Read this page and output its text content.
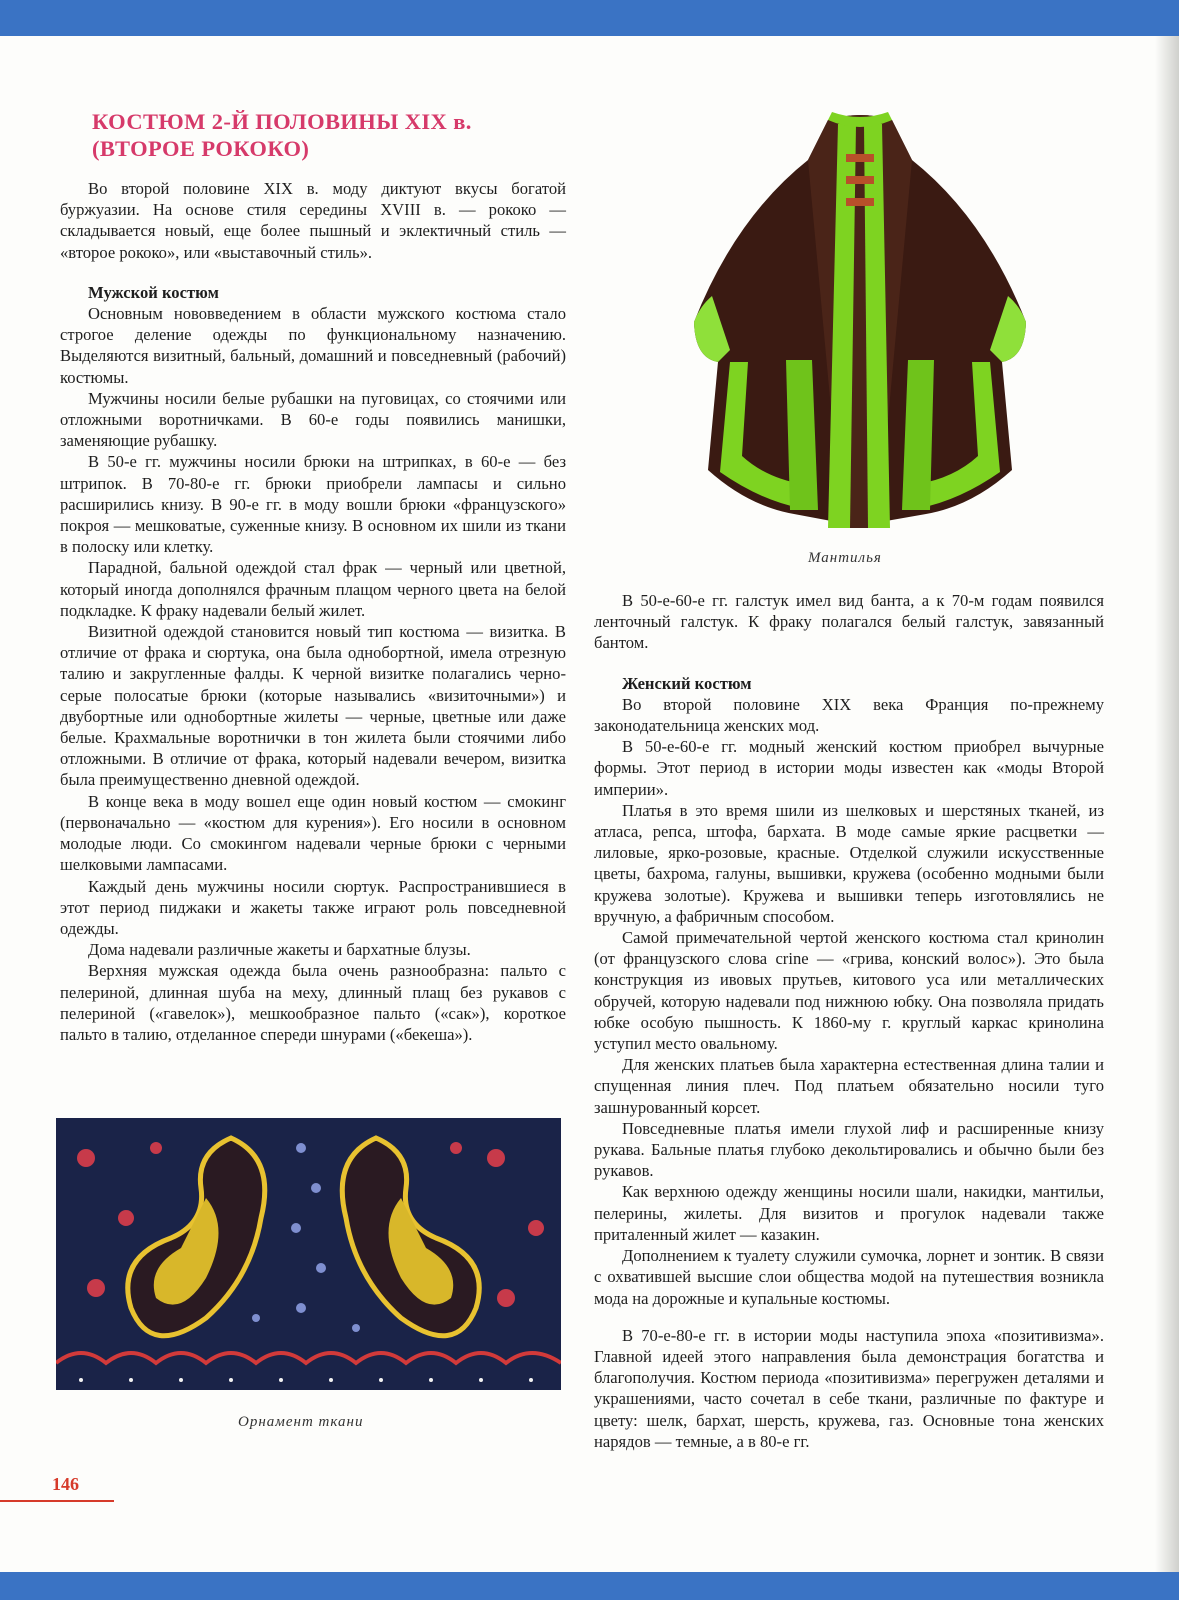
КОСТЮМ 2-Й ПОЛОВИНЫ XIX в.
(ВТОРОЕ РОКОКО)

Во второй половине XIX в. моду диктуют вкусы богатой буржуазии. На основе стиля середины XVIII в. — рококо — складывается новый, еще более пышный и эклектичный стиль — «второе рококо», или «выставочный стиль».

Мужской костюм

Основным нововведением в области мужского костюма стало строгое деление одежды по функциональному назначению. Выделяются визитный, бальный, домашний и повседневный (рабочий) костюмы.

Мужчины носили белые рубашки на пуговицах, со стоячими или отложными воротничками. В 60-е годы появились манишки, заменяющие рубашку.

В 50-е гг. мужчины носили брюки на штрипках, в 60-е — без штрипок. В 70-80-е гг. брюки приобрели лампасы и сильно расширились книзу. В 90-е гг. в моду вошли брюки «французского» покроя — мешковатые, суженные книзу. В основном их шили из ткани в полоску или клетку.

Парадной, бальной одеждой стал фрак — черный или цветной, который иногда дополнялся фрачным плащом черного цвета на белой подкладке. К фраку надевали белый жилет.

Визитной одеждой становится новый тип костюма — визитка. В отличие от фрака и сюртука, она была однобортной, имела отрезную талию и закругленные фалды. К черной визитке полагались черно-серые полосатые брюки (которые назывались «визиточными») и двубортные или однобортные жилеты — черные, цветные или даже белые. Крахмальные воротнички в тон жилета были стоячими либо отложными. В отличие от фрака, который надевали вечером, визитка была преимущественно дневной одеждой.

В конце века в моду вошел еще один новый костюм — смокинг (первоначально — «костюм для курения»). Его носили в основном молодые люди. Со смокингом надевали черные брюки с черными шелковыми лампасами.

Каждый день мужчины носили сюртук. Распространившиеся в этот период пиджаки и жакеты также играют роль повседневной одежды.

Дома надевали различные жакеты и бархатные блузы.

Верхняя мужская одежда была очень разнообразна: пальто с пелериной, длинная шуба на меху, длинный плащ без рукавов с пелериной («гавелок»), мешкообразное пальто («сак»), короткое пальто в талию, отделанное спереди шнурами («бекеша»).

Мантилья

В 50-е-60-е гг. галстук имел вид банта, а к 70-м годам появился ленточный галстук. К фраку полагался белый галстук, завязанный бантом.

Женский костюм

Во второй половине XIX века Франция по-прежнему законодательница женских мод.

В 50-е-60-е гг. модный женский костюм приобрел вычурные формы. Этот период в истории моды известен как «моды Второй империи».

Платья в это время шили из шелковых и шерстяных тканей, из атласа, репса, штофа, бархата. В моде самые яркие расцветки — лиловые, ярко-розовые, красные. Отделкой служили искусственные цветы, бахрома, галуны, вышивки, кружева (особенно модными были кружева золотые). Кружева и вышивки теперь изготовлялись не вручную, а фабричным способом.

Самой примечательной чертой женского костюма стал кринолин (от французского слова crine — «грива, конский волос»). Это была конструкция из ивовых прутьев, китового уса или металлических обручей, которую надевали под нижнюю юбку. Она позволяла придать юбке особую пышность. К 1860-му г. круглый каркас кринолина уступил место овальному.

Для женских платьев была характерна естественная длина талии и спущенная линия плеч. Под платьем обязательно носили туго зашнурованный корсет.

Повседневные платья имели глухой лиф и расширенные книзу рукава. Бальные платья глубоко декольтировались и обычно были без рукавов.

Как верхнюю одежду женщины носили шали, накидки, мантильи, пелерины, жилеты. Для визитов и прогулок надевали также приталенный жилет — казакин.

Дополнением к туалету служили сумочка, лорнет и зонтик. В связи с охватившей высшие слои общества модой на путешествия возникла мода на дорожные и купальные костюмы.

В 70-е-80-е гг. в истории моды наступила эпоха «позитивизма». Главной идеей этого направления была демонстрация богатства и благополучия. Костюм периода «позитивизма» перегружен деталями и украшениями, часто сочетал в себе ткани, различные по фактуре и цвету: шелк, бархат, шерсть, кружева, газ. Основные тона женских нарядов — темные, а в 80-е гг.

Орнамент ткани
146
